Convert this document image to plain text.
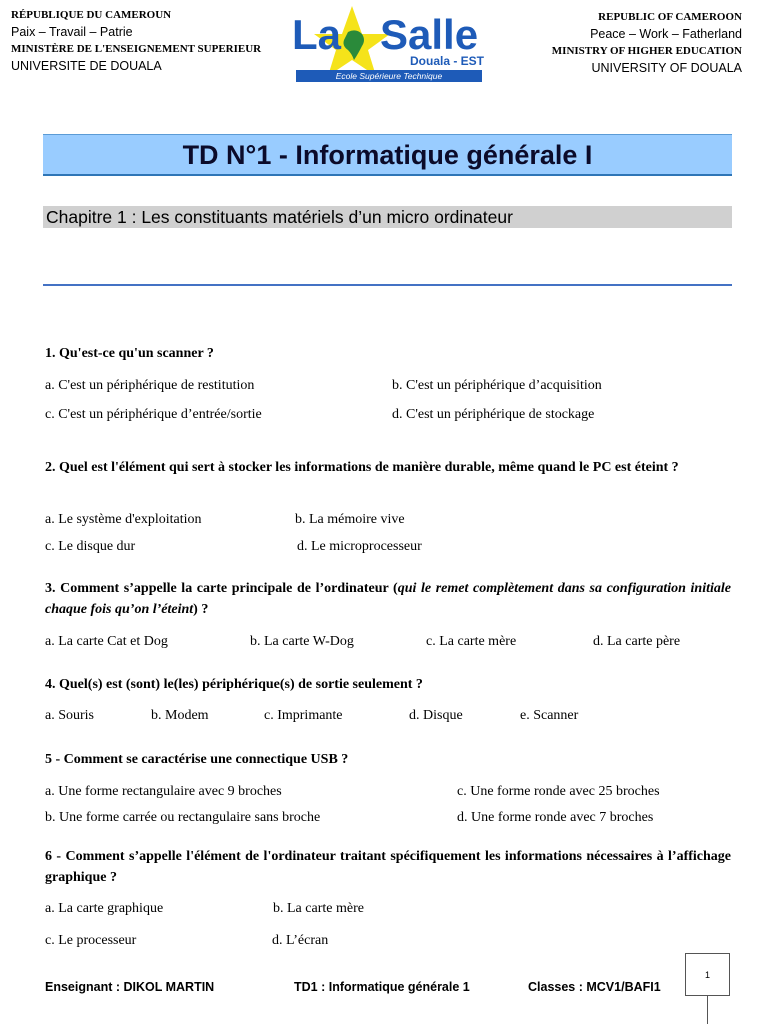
RÉPUBLIQUE DU CAMEROUN
Paix – Travail – Patrie
MINISTÈRE DE L'ENSEIGNEMENT SUPERIEUR
UNIVERSITE DE DOUALA
La Salle
Douala - EST
Ecole Supérieure Technique
REPUBLIC OF CAMEROON
Peace – Work – Fatherland
MINISTRY OF HIGHER EDUCATION
UNIVERSITY OF DOUALA
TD N°1 - Informatique générale I
Chapitre 1 : Les constituants matériels d’un micro ordinateur
1. Qu'est-ce qu'un scanner ?
a. C'est un périphérique de restitution	b. C'est un périphérique d’acquisition
c. C'est un périphérique d’entrée/sortie	d. C'est un périphérique de stockage
2. Quel est l'élément qui sert à stocker les informations de manière durable, même quand le PC est éteint ?
a. Le système d'exploitation	b. La mémoire vive
c. Le disque dur	d. Le microprocesseur
3. Comment s’appelle la carte principale de l’ordinateur (qui le remet complètement dans sa configuration initiale chaque fois qu’on l’éteint) ?
a. La carte Cat et Dog	b. La carte W-Dog	c. La carte mère	d. La carte père
4. Quel(s) est (sont) le(les) périphérique(s) de sortie seulement ?
a. Souris	b. Modem	c. Imprimante	d. Disque	e. Scanner
5 - Comment se caractérise une connectique USB ?
a. Une forme rectangulaire avec 9 broches	c. Une forme ronde avec 25 broches
b. Une forme carrée ou rectangulaire sans broche	d. Une forme ronde avec 7 broches
6 - Comment s’appelle l'élément de l'ordinateur traitant spécifiquement les informations nécessaires à l’affichage graphique ?
a. La carte graphique	b. La carte mère
c. Le processeur	d. L’écran
Enseignant : DIKOL MARTIN	TD1 : Informatique générale 1	Classes : MCV1/BAFI1
1
